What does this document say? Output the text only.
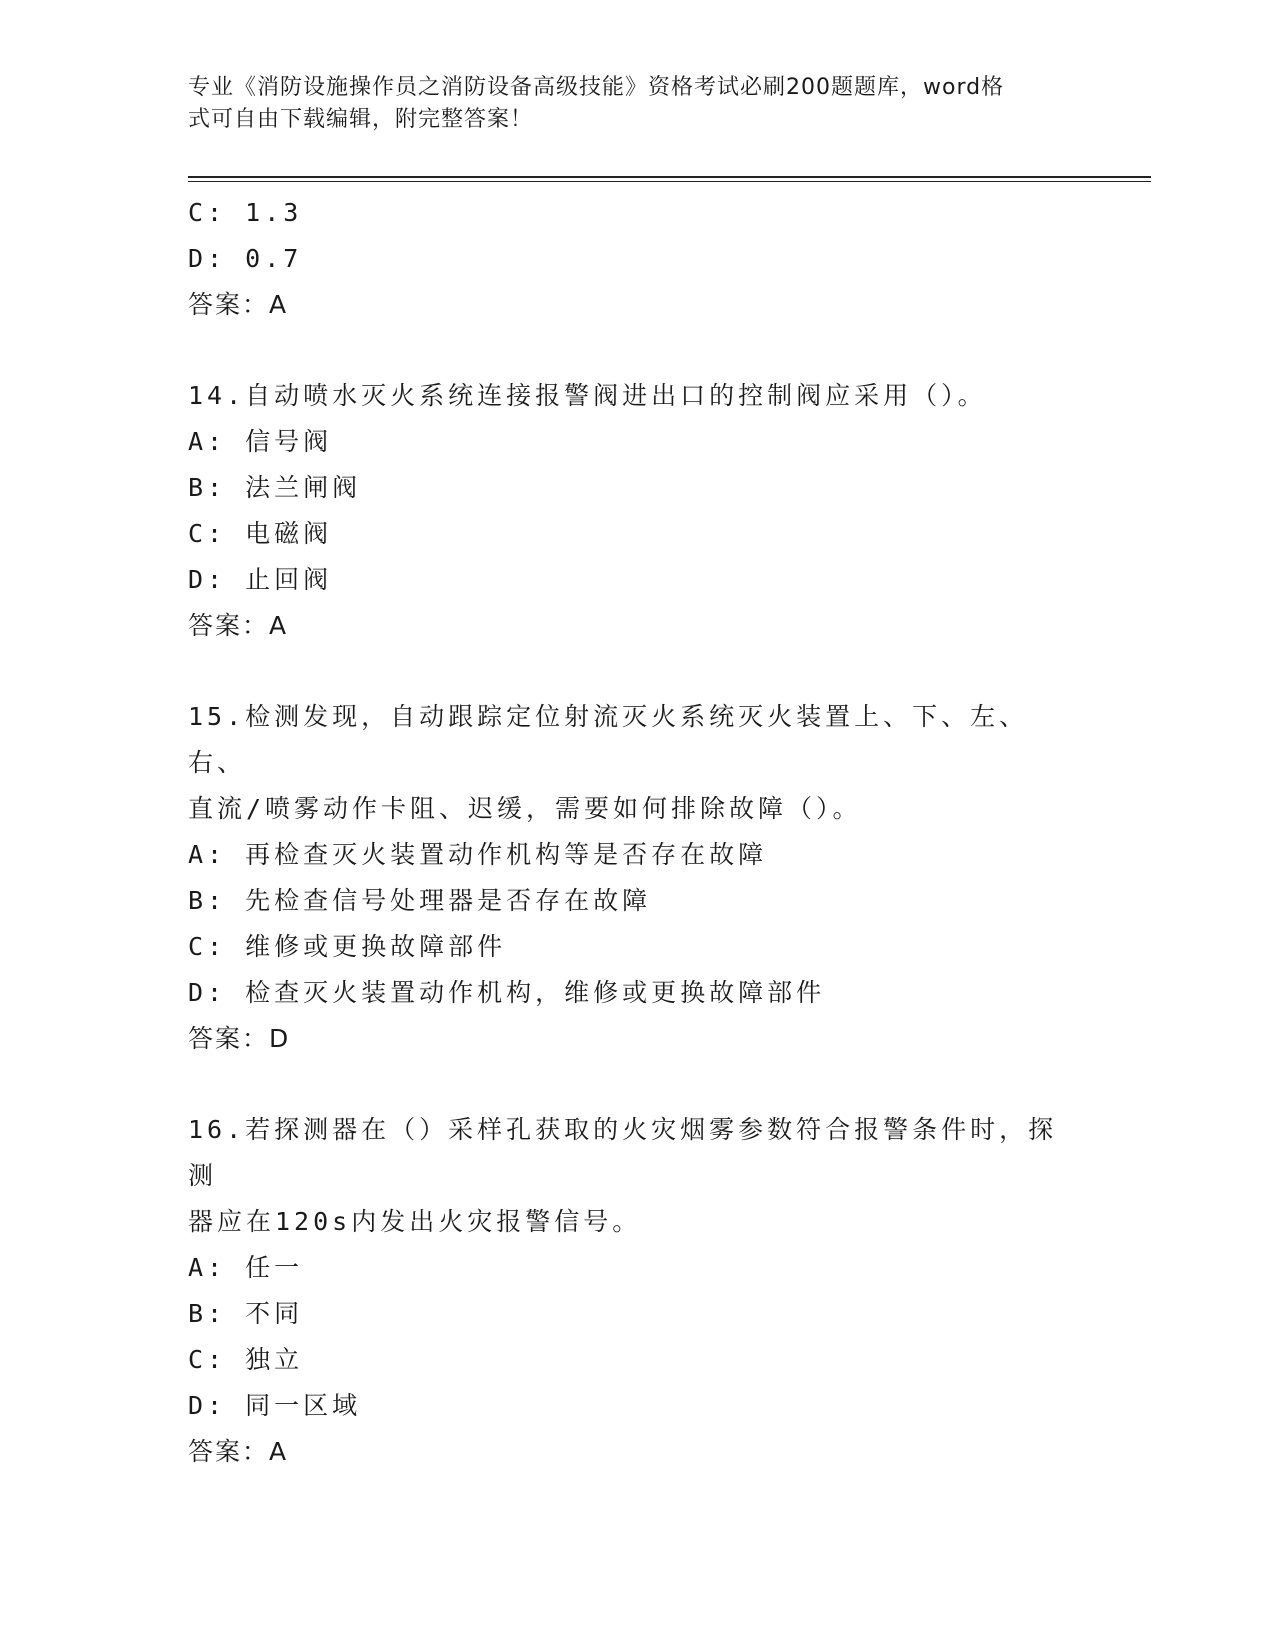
专业《消防设施操作员之消防设备高级技能》资格考试必刷200题题库，word格
式可自由下载编辑，附完整答案！
C: 1.3
D: 0.7
答案：A
14.自动喷水灭火系统连接报警阀进出口的控制阀应采用（）。
A: 信号阀
B: 法兰闸阀
C: 电磁阀
D: 止回阀
答案：A
15.检测发现，自动跟踪定位射流灭火系统灭火装置上、下、左、右、
直流/喷雾动作卡阻、迟缓，需要如何排除故障（）。
A: 再检查灭火装置动作机构等是否存在故障
B: 先检查信号处理器是否存在故障
C: 维修或更换故障部件
D: 检查灭火装置动作机构，维修或更换故障部件
答案：D
16.若探测器在（）采样孔获取的火灾烟雾参数符合报警条件时，探测
器应在120s内发出火灾报警信号。
A: 任一
B: 不同
C: 独立
D: 同一区域
答案：A
